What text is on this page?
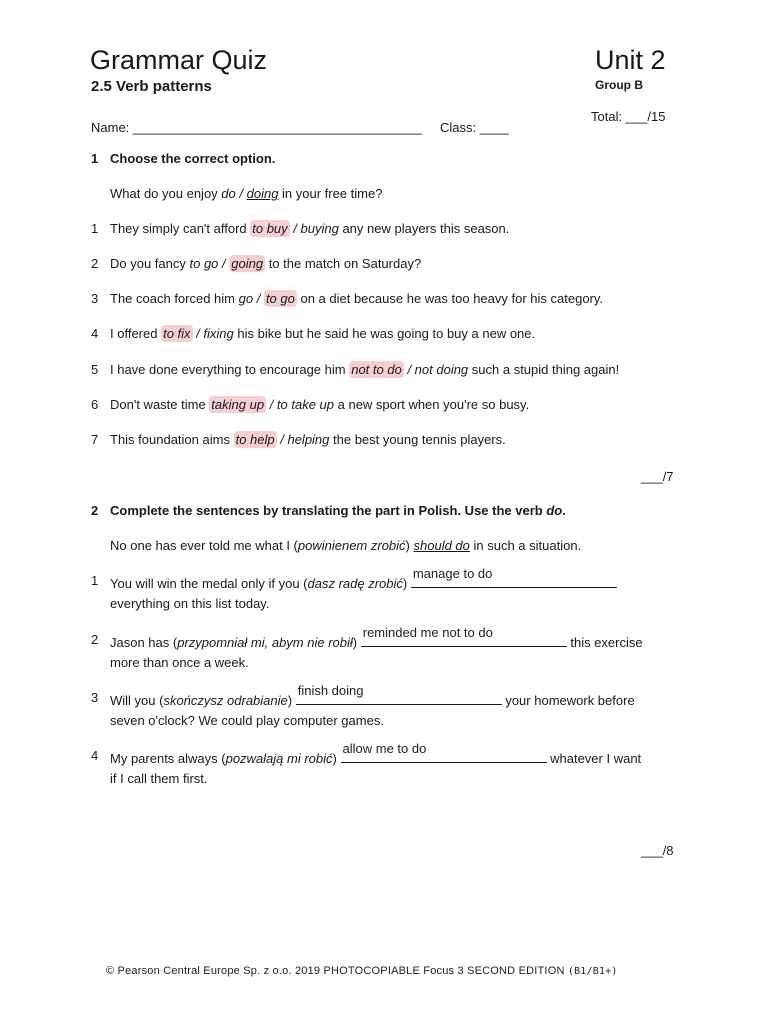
Grammar Quiz	Unit 2
2.5 Verb patterns	Group B
Total: ___/15
Name: ________________________________________ Class: ____
1 Choose the correct option.
What do you enjoy do / doing in your free time?
1 They simply can't afford to buy / buying any new players this season.
2 Do you fancy to go / going to the match on Saturday?
3 The coach forced him go / to go on a diet because he was too heavy for his category.
4 I offered to fix / fixing his bike but he said he was going to buy a new one.
5 I have done everything to encourage him not to do / not doing such a stupid thing again!
6 Don't waste time taking up / to take up a new sport when you're so busy.
7 This foundation aims to help / helping the best young tennis players.
___/7
2 Complete the sentences by translating the part in Polish. Use the verb do.
No one has ever told me what I (powinienem zrobić) should do in such a situation.
1 You will win the medal only if you (dasz radę zrobić)
manage to do
everything on this list today.
2 Jason has (przypomniał mi, abym nie robił)
reminded me not to do
this exercise
more than once a week.
3 Will you (skończysz odrabianie)
finish doing
your homework before
seven o'clock? We could play computer games.
4 My parents always (pozwalają mi robić)
allow me to do
whatever I want
if I call them first.
___/8
© Pearson Central Europe Sp. z o.o. 2019 PHOTOCOPIABLE Focus 3 SECOND EDITION (B1/B1+)
